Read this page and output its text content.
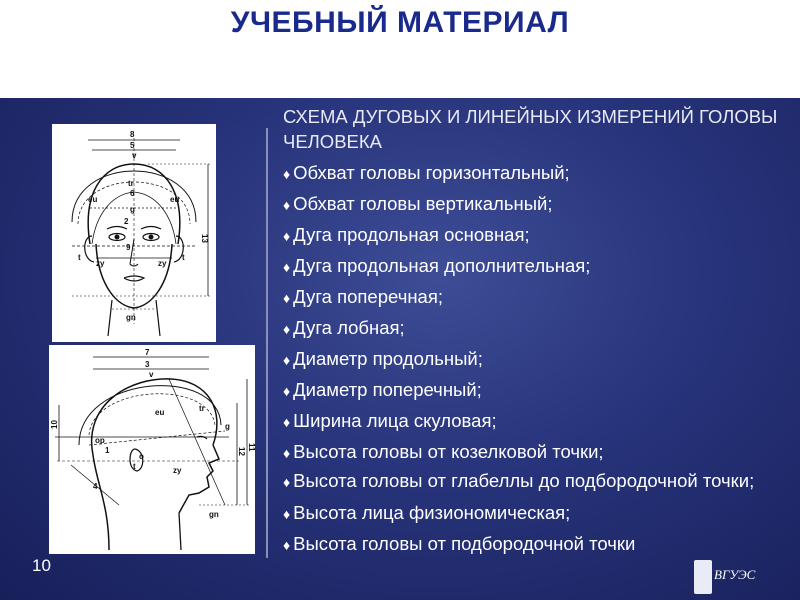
УЧЕБНЫЙ МАТЕРИАЛ
8
5
v
tr
6
eu	eu
g
2
9
t	t
zy	zy
13
gn
7
3
v
eu	tr
g
10
op
1
o
t	zy
4
12 11
gn
СХЕМА ДУГОВЫХ И ЛИНЕЙНЫХ ИЗМЕРЕНИЙ ГОЛОВЫ ЧЕЛОВЕКА
♦ Обхват головы горизонтальный;
♦ Обхват головы вертикальный;
♦ Дуга продольная основная;
♦ Дуга продольная дополнительная;
♦ Дуга поперечная;
♦ Дуга лобная;
♦ Диаметр продольный;
♦ Диаметр поперечный;
♦ Ширина лица скуловая;
♦ Высота головы от козелковой точки;
♦ Высота головы от глабеллы до подбородочной точки;
♦ Высота лица физиономическая;
♦ Высота головы от подбородочной точки
10	ВГУЭС
